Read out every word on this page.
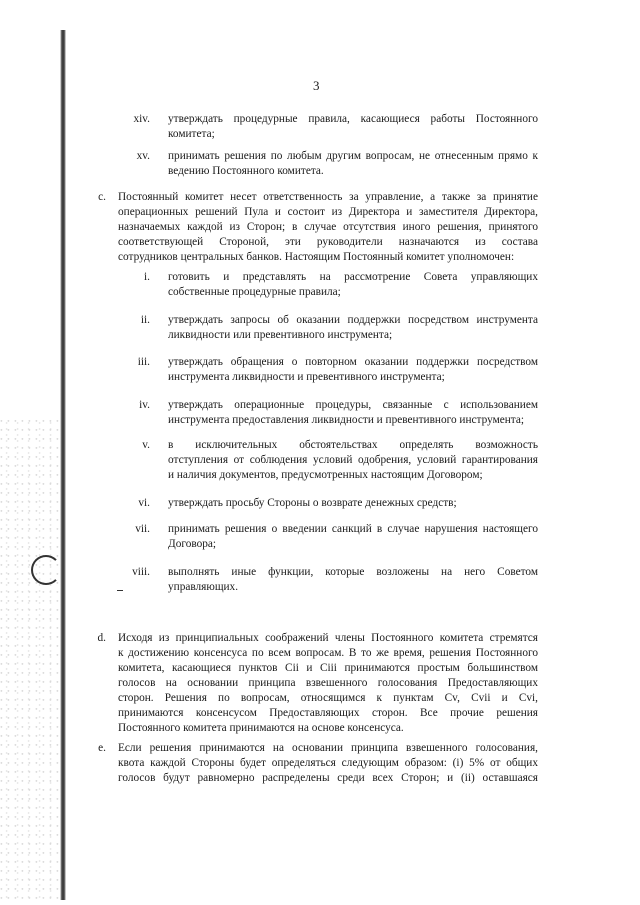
3
xiv. утверждать процедурные правила, касающиеся работы Постоянного
комитета;
xv. принимать решения по любым другим вопросам, не отнесенным прямо к
ведению Постоянного комитета.
c. Постоянный комитет несет ответственность за управление, а также за принятие
операционных решений Пула и состоит из Директора и заместителя Директора,
назначаемых каждой из Сторон; в случае отсутствия иного решения, принятого
соответствующей Стороной, эти руководители назначаются из состава
сотрудников центральных банков. Настоящим Постоянный комитет уполномочен:
i. готовить и представлять на рассмотрение Совета управляющих
собственные процедурные правила;
ii. утверждать запросы об оказании поддержки посредством инструмента
ликвидности или превентивного инструмента;
iii. утверждать обращения о повторном оказании поддержки посредством
инструмента ликвидности и превентивного инструмента;
iv. утверждать операционные процедуры, связанные с использованием
инструмента предоставления ликвидности и превентивного инструмента;
v. в исключительных обстоятельствах определять возможность
отступления от соблюдения условий одобрения, условий гарантирования
и наличия документов, предусмотренных настоящим Договором;
vi. утверждать просьбу Стороны о возврате денежных средств;
vii. принимать решения о введении санкций в случае нарушения настоящего
Договора;
viii. выполнять иные функции, которые возложены на него Советом
управляющих.
d. Исходя из принципиальных соображений члены Постоянного комитета стремятся
к достижению консенсуса по всем вопросам. В то же время, решения Постоянного
комитета, касающиеся пунктов Cii и Ciii принимаются простым большинством
голосов на основании принципа взвешенного голосования Предоставляющих
сторон. Решения по вопросам, относящимся к пунктам Cv, Cvii и Cvi,
принимаются консенсусом Предоставляющих сторон. Все прочие решения
Постоянного комитета принимаются на основе консенсуса.
e. Если решения принимаются на основании принципа взвешенного голосования,
квота каждой Стороны будет определяться следующим образом: (i) 5% от общих
голосов будут равномерно распределены среди всех Сторон; и (ii) оставшаяся
